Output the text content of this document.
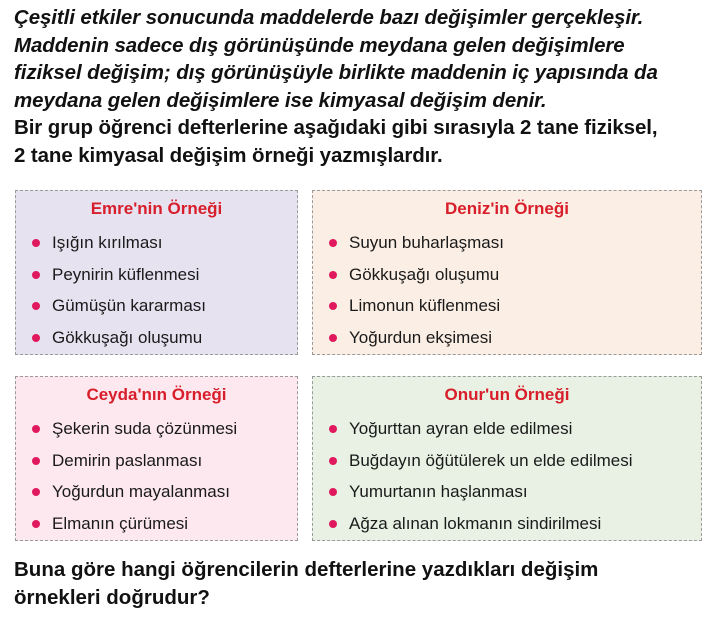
Çeşitli etkiler sonucunda maddelerde bazı değişimler gerçekleşir.

Maddenin sadece dış görünüşünde meydana gelen değişimlere

fiziksel değişim; dış görünüşüyle birlikte maddenin iç yapısında da

meydana gelen değişimlere ise kimyasal değişim denir.

Bir grup öğrenci defterlerine aşağıdaki gibi sırasıyla 2 tane fiziksel,

2 tane kimyasal değişim örneği yazmışlardır.

Emre'nin Örneği
Işığın kırılması
Peynirin küflenmesi
Gümüşün kararması
Gökkuşağı oluşumu
Deniz'in Örneği
Suyun buharlaşması
Gökkuşağı oluşumu
Limonun küflenmesi
Yoğurdun ekşimesi
Ceyda'nın Örneği
Şekerin suda çözünmesi
Demirin paslanması
Yoğurdun mayalanması
Elmanın çürümesi
Onur'un Örneği
Yoğurttan ayran elde edilmesi
Buğdayın öğütülerek un elde edilmesi
Yumurtanın haşlanması
Ağza alınan lokmanın sindirilmesi
Buna göre hangi öğrencilerin defterlerine yazdıkları değişim
örnekleri doğrudur?
